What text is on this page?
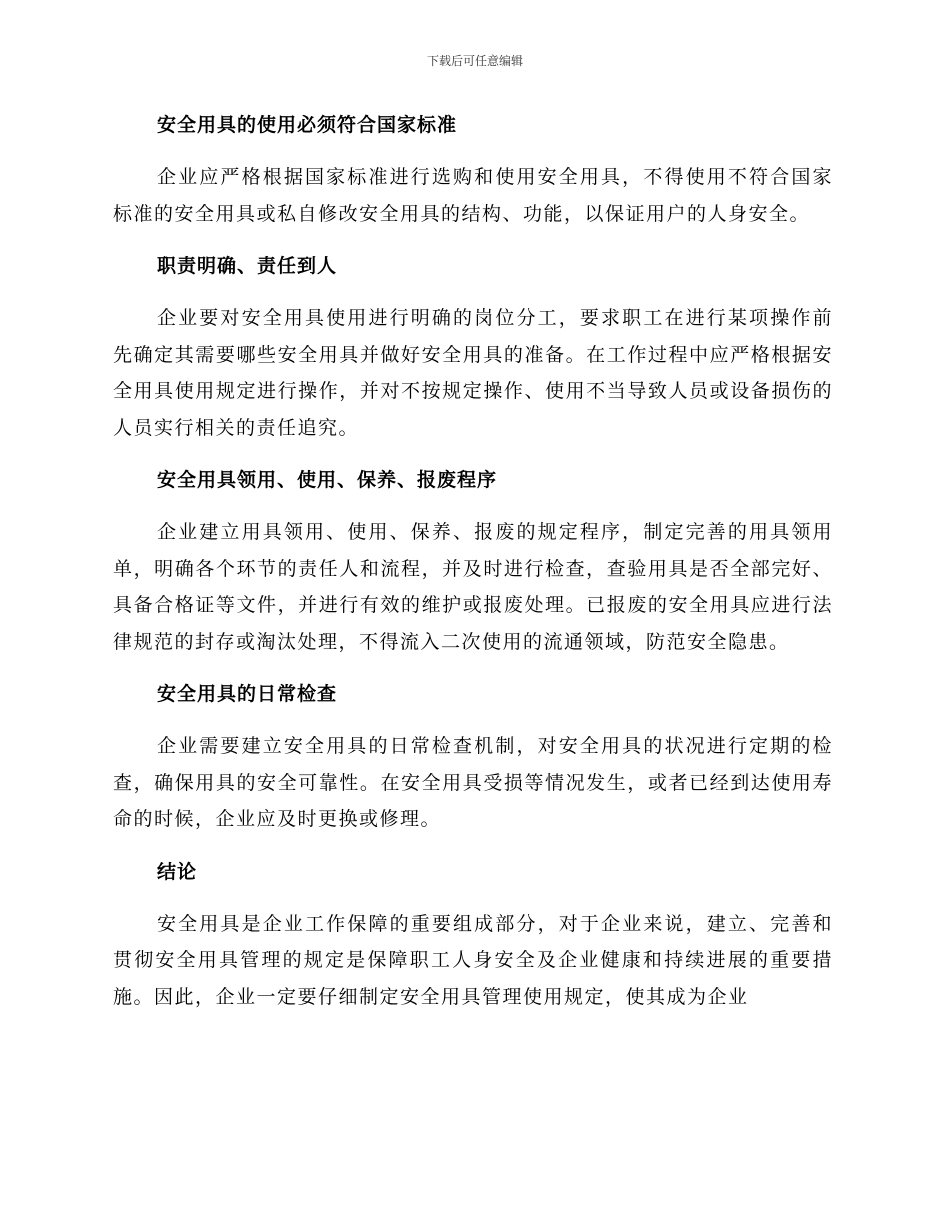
下载后可任意编辑
安全用具的使用必须符合国家标准

企业应严格根据国家标准进行选购和使用安全用具，不得使用不符合国家标准的安全用具或私自修改安全用具的结构、功能，以保证用户的人身安全。

职责明确、责任到人

企业要对安全用具使用进行明确的岗位分工，要求职工在进行某项操作前先确定其需要哪些安全用具并做好安全用具的准备。在工作过程中应严格根据安全用具使用规定进行操作，并对不按规定操作、使用不当导致人员或设备损伤的人员实行相关的责任追究。

安全用具领用、使用、保养、报废程序

企业建立用具领用、使用、保养、报废的规定程序，制定完善的用具领用单，明确各个环节的责任人和流程，并及时进行检查，查验用具是否全部完好、具备合格证等文件，并进行有效的维护或报废处理。已报废的安全用具应进行法律规范的封存或淘汰处理，不得流入二次使用的流通领域，防范安全隐患。

安全用具的日常检查

企业需要建立安全用具的日常检查机制，对安全用具的状况进行定期的检查，确保用具的安全可靠性。在安全用具受损等情况发生，或者已经到达使用寿命的时候，企业应及时更换或修理。

结论

安全用具是企业工作保障的重要组成部分，对于企业来说，建立、完善和贯彻安全用具管理的规定是保障职工人身安全及企业健康和持续进展的重要措施。因此，企业一定要仔细制定安全用具管理使用规定，使其成为企业
